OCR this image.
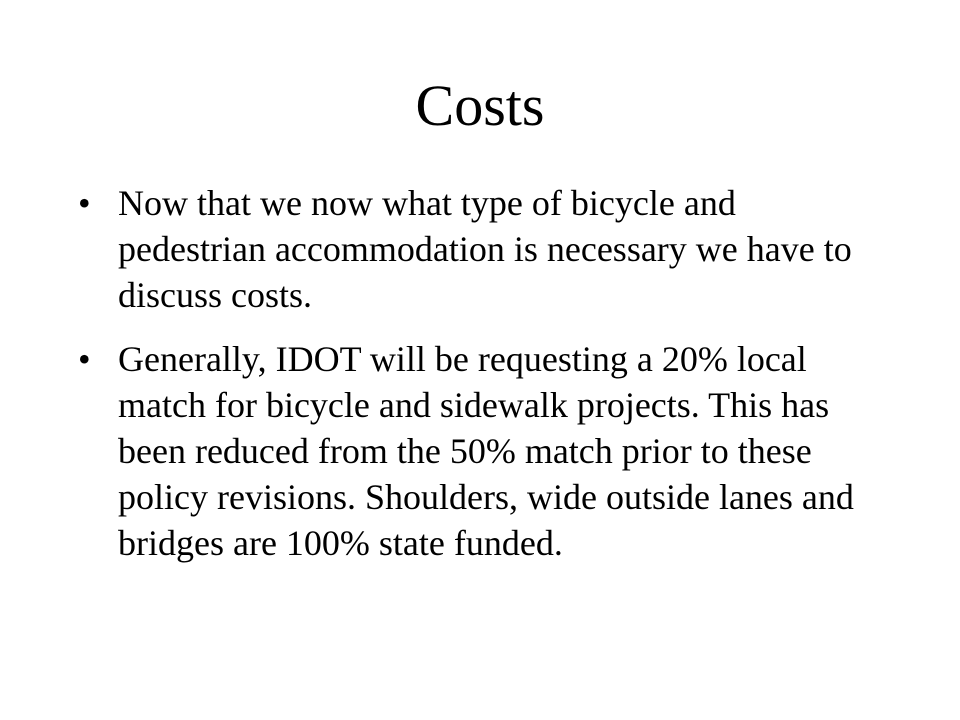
Costs
• Now that we now what type of bicycle and pedestrian accommodation is necessary we have to discuss costs.
• Generally, IDOT will be requesting a 20% local match for bicycle and sidewalk projects. This has been reduced from the 50% match prior to these policy revisions. Shoulders, wide outside lanes and bridges are 100% state funded.
